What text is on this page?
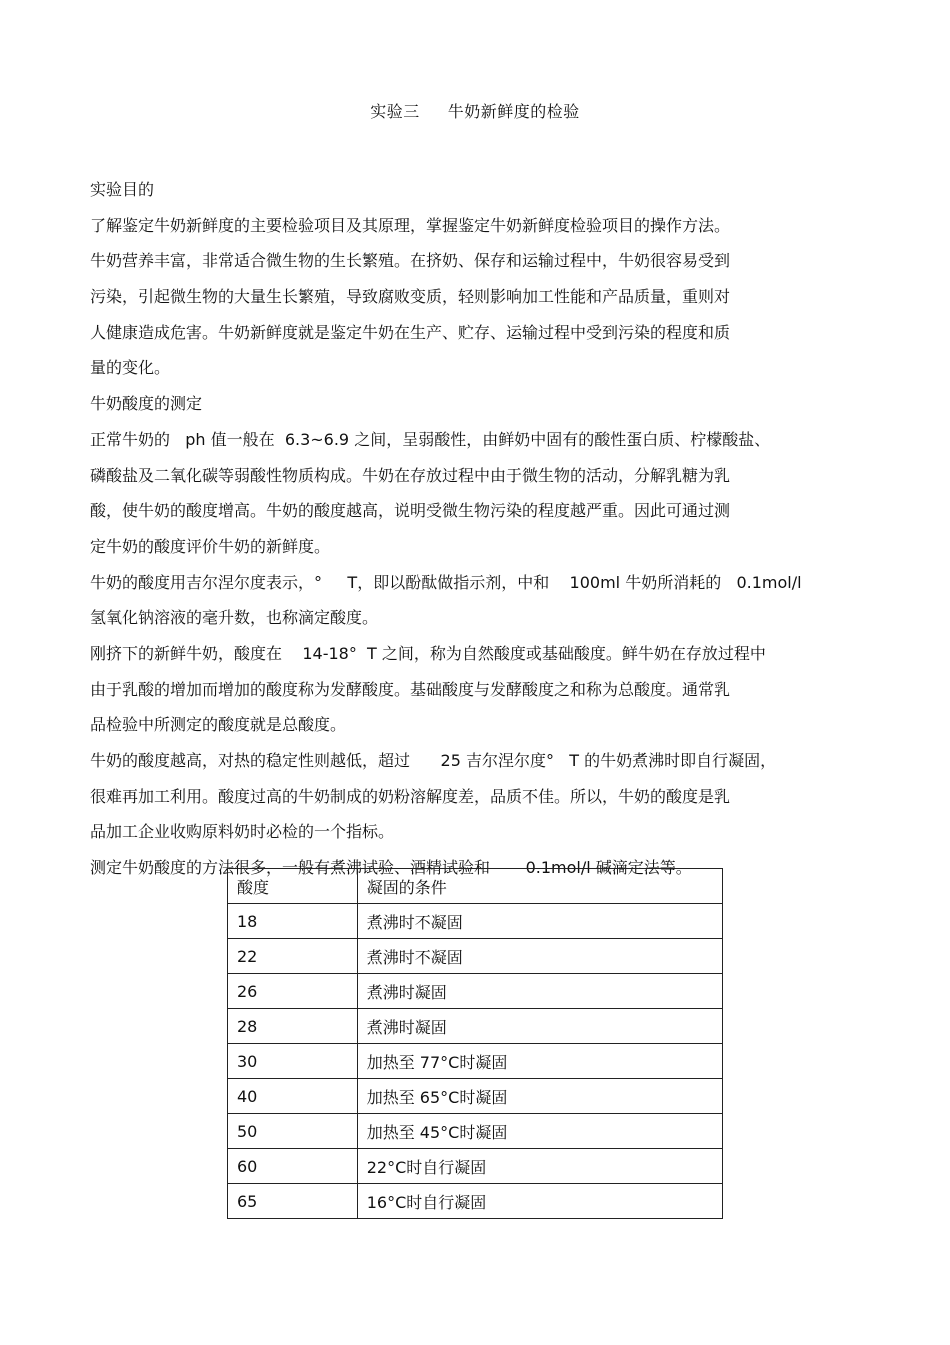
实验三     牛奶新鲜度的检验
实验目的
了解鉴定牛奶新鲜度的主要检验项目及其原理，掌握鉴定牛奶新鲜度检验项目的操作方法。
牛奶营养丰富，非常适合微生物的生长繁殖。在挤奶、保存和运输过程中，牛奶很容易受到
污染，引起微生物的大量生长繁殖，导致腐败变质，轻则影响加工性能和产品质量，重则对
人健康造成危害。牛奶新鲜度就是鉴定牛奶在生产、贮存、运输过程中受到污染的程度和质
量的变化。
牛奶酸度的测定
正常牛奶的   ph 值一般在  6.3~6.9 之间，呈弱酸性，由鲜奶中固有的酸性蛋白质、柠檬酸盐、
磷酸盐及二氧化碳等弱酸性物质构成。牛奶在存放过程中由于微生物的活动，分解乳糖为乳
酸，使牛奶的酸度增高。牛奶的酸度越高，说明受微生物污染的程度越严重。因此可通过测
定牛奶的酸度评价牛奶的新鲜度。
牛奶的酸度用吉尔涅尔度表示，°     T，即以酚酞做指示剂，中和    100ml 牛奶所消耗的   0.1mol/l
氢氧化钠溶液的毫升数，也称滴定酸度。
刚挤下的新鲜牛奶，酸度在    14-18°  T 之间，称为自然酸度或基础酸度。鲜牛奶在存放过程中
由于乳酸的增加而增加的酸度称为发酵酸度。基础酸度与发酵酸度之和称为总酸度。通常乳
品检验中所测定的酸度就是总酸度。
牛奶的酸度越高，对热的稳定性则越低，超过      25 吉尔涅尔度°   T 的牛奶煮沸时即自行凝固，
很难再加工利用。酸度过高的牛奶制成的奶粉溶解度差，品质不佳。所以，牛奶的酸度是乳
品加工企业收购原料奶时必检的一个指标。
测定牛奶酸度的方法很多，一般有煮沸试验、酒精试验和       0.1mol/l 碱滴定法等。
酸度	凝固的条件
18	煮沸时不凝固
22	煮沸时不凝固
26	煮沸时凝固
28	煮沸时凝固
30	加热至 77°C时凝固
40	加热至 65°C时凝固
50	加热至 45°C时凝固
60	22°C时自行凝固
65	16°C时自行凝固
